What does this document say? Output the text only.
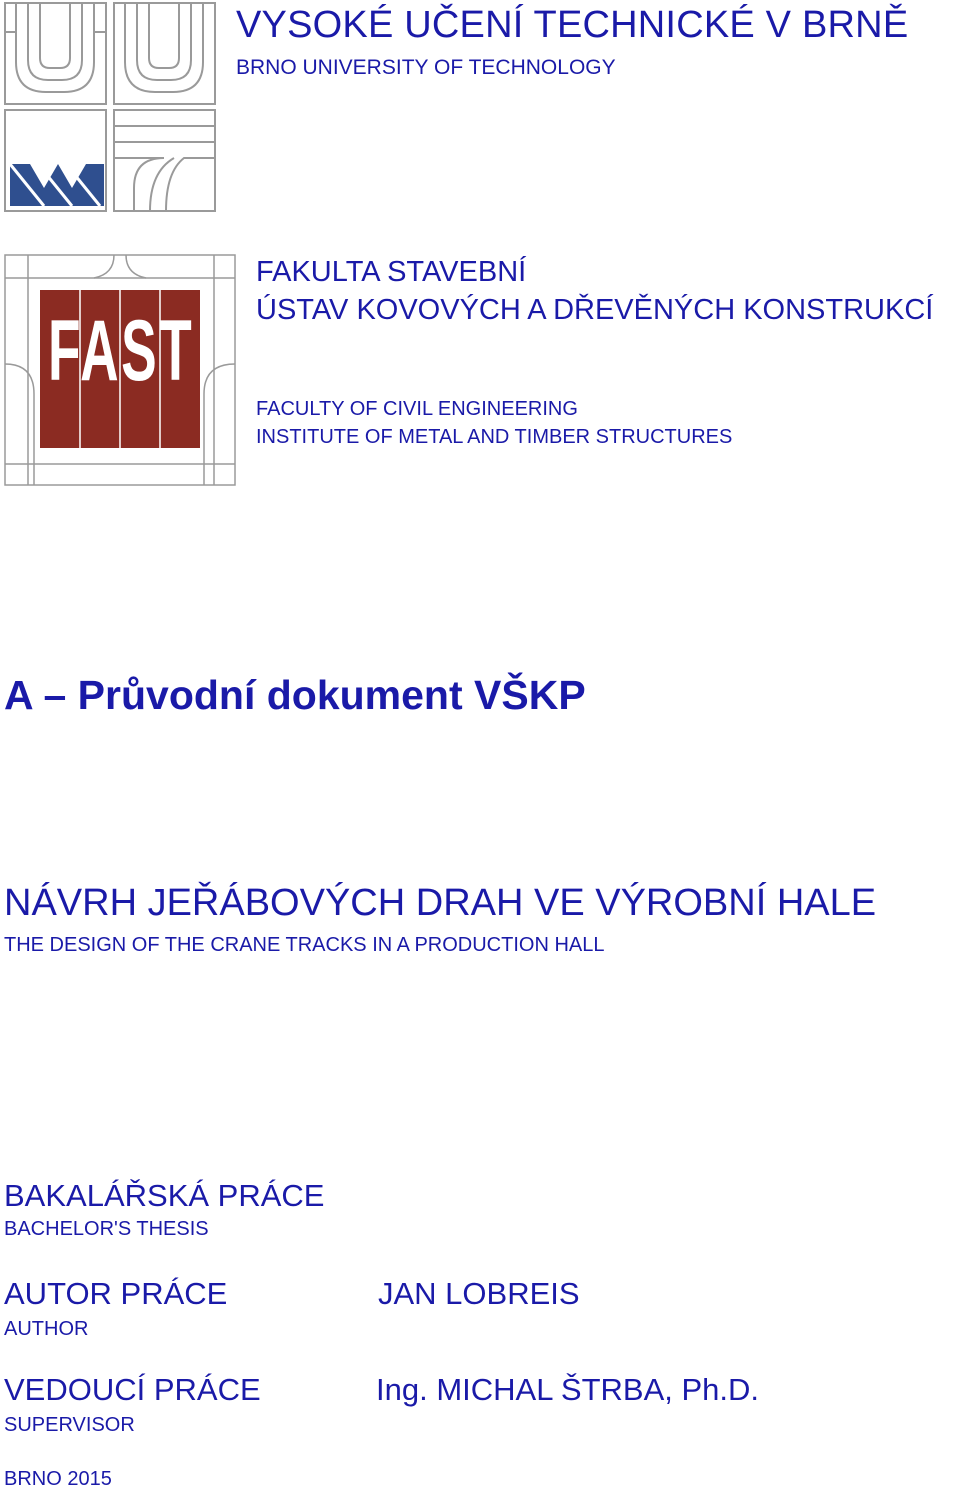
FAST
VYSOKÉ UČENÍ TECHNICKÉ V BRNĚ
BRNO UNIVERSITY OF TECHNOLOGY
FAKULTA STAVEBNÍ
ÚSTAV KOVOVÝCH A DŘEVĚNÝCH KONSTRUKCÍ
FACULTY OF CIVIL ENGINEERING
INSTITUTE OF METAL AND TIMBER STRUCTURES
A – Průvodní dokument VŠKP
NÁVRH JEŘÁBOVÝCH DRAH VE VÝROBNÍ HALE
THE DESIGN OF THE CRANE TRACKS IN A PRODUCTION HALL
BAKALÁŘSKÁ PRÁCE
BACHELOR'S THESIS
AUTOR PRÁCE
AUTHOR
JAN LOBREIS
VEDOUCÍ PRÁCE
SUPERVISOR
Ing. MICHAL ŠTRBA, Ph.D.
BRNO 2015
